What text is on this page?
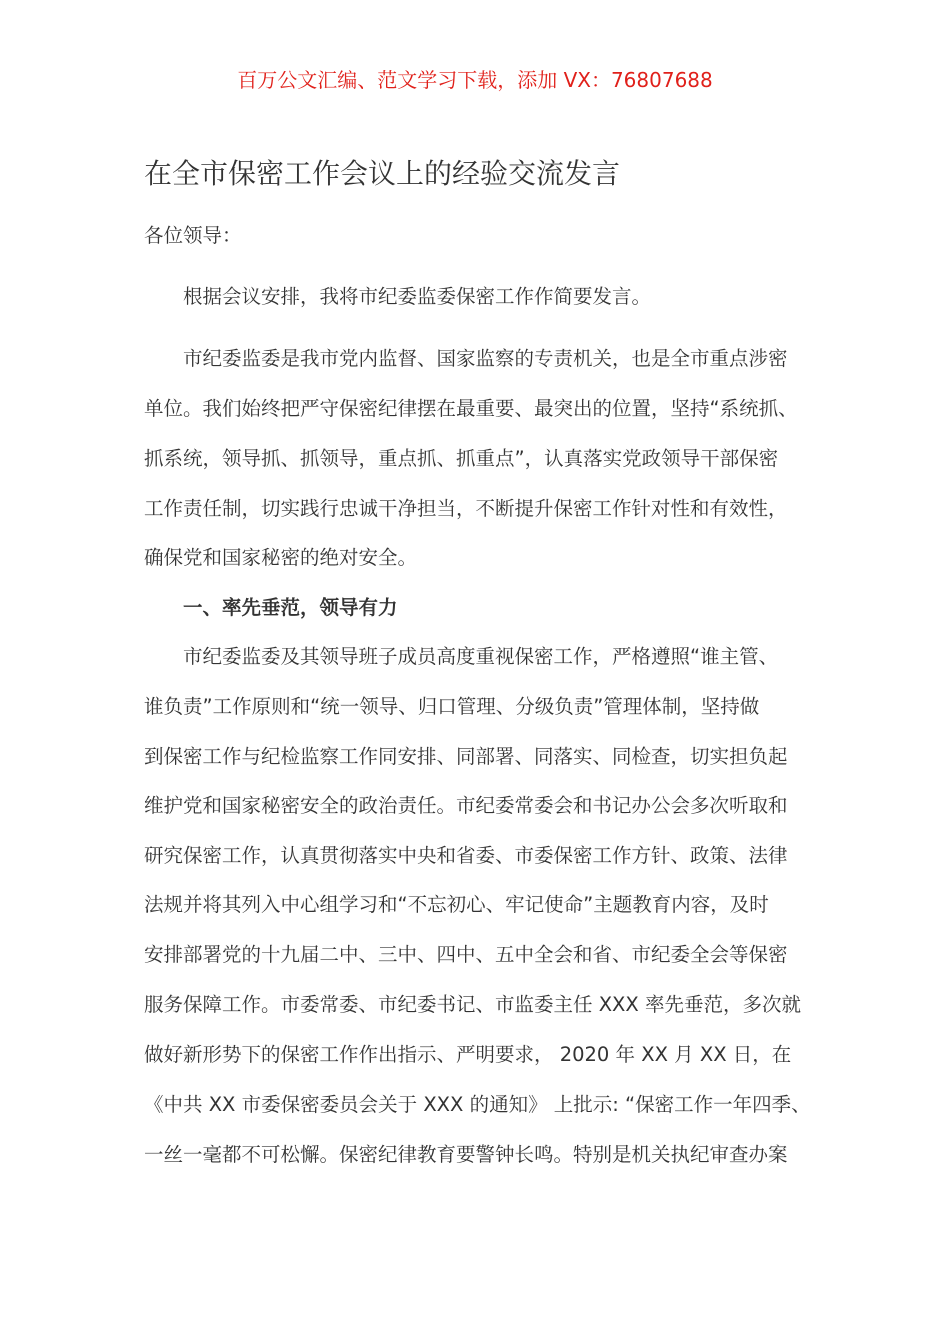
百万公文汇编、范文学习下载，添加 VX：76807688
在全市保密工作会议上的经验交流发言
各位领导：
　　根据会议安排，我将市纪委监委保密工作作简要发言。
　　市纪委监委是我市党内监督、国家监察的专责机关，也是全市重点涉密
单位。我们始终把严守保密纪律摆在最重要、最突出的位置，坚持“系统抓、
抓系统，领导抓、抓领导，重点抓、抓重点”，认真落实党政领导干部保密
工作责任制，切实践行忠诚干净担当，不断提升保密工作针对性和有效性，
确保党和国家秘密的绝对安全。
　　一、率先垂范，领导有力
　　市纪委监委及其领导班子成员高度重视保密工作，严格遵照“谁主管、
谁负责”工作原则和“统一领导、归口管理、分级负责”管理体制，坚持做
到保密工作与纪检监察工作同安排、同部署、同落实、同检查，切实担负起
维护党和国家秘密安全的政治责任。市纪委常委会和书记办公会多次听取和
研究保密工作，认真贯彻落实中央和省委、市委保密工作方针、政策、法律
法规并将其列入中心组学习和“不忘初心、牢记使命”主题教育内容，及时
安排部署党的十九届二中、三中、四中、五中全会和省、市纪委全会等保密
服务保障工作。市委常委、市纪委书记、市监委主任 XXX 率先垂范，多次就
做好新形势下的保密工作作出指示、严明要求， 2020 年 XX 月 XX 日，在
《中共 XX 市委保密委员会关于 XXX 的通知》 上批示: “保密工作一年四季、
一丝一毫都不可松懈。保密纪律教育要警钟长鸣。特别是机关执纪审查办案
